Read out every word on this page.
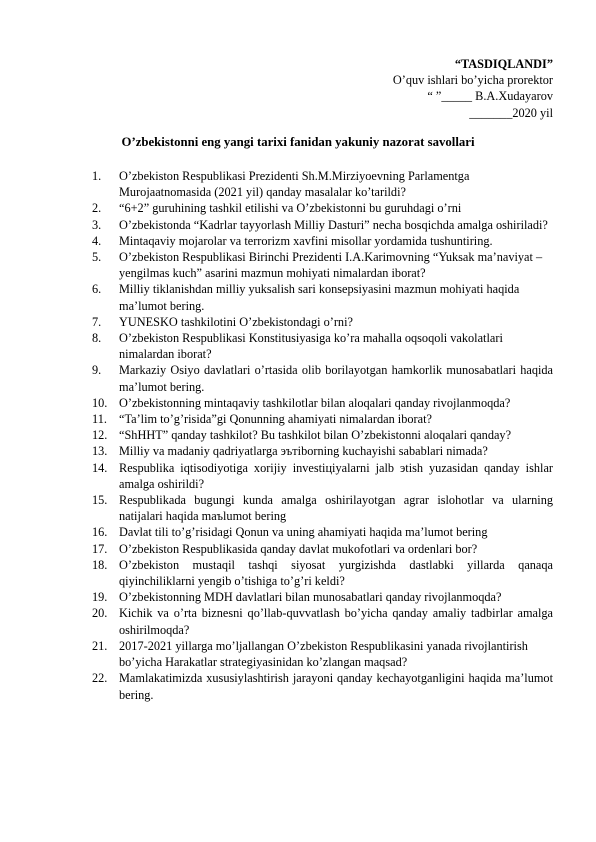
“TASDIQLANDI”
O’quv ishlari bo’yicha prorektor
“ ”_____ B.A.Xudayarov
_______2020 yil
O’zbekistonni eng yangi tarixi fanidan yakuniy nazorat savollari
1. O’zbekiston Respublikasi Prezidenti Sh.M.Mirziyoevning Parlamentga Murojaatnomasida (2021 yil) qanday masalalar ko’tarildi?
2. “6+2” guruhining tashkil etilishi va O’zbekistonni bu guruhdagi o’rni
3. O’zbekistonda “Kadrlar tayyorlash Milliy Dasturi” necha bosqichda amalga oshiriladi?
4. Mintaqaviy mojarolar va terrorizm xavfini misollar yordamida tushuntiring.
5. O’zbekiston Respublikasi Birinchi Prezidenti I.A.Karimovning “Yuksak ma’naviyat – yengilmas kuch” asarini mazmun mohiyati nimalardan iborat?
6. Milliy tiklanishdan milliy yuksalish sari konsepsiyasini mazmun mohiyati haqida ma’lumot bering.
7. YUNESKO tashkilotini O’zbekistondagi o’rni?
8. O’zbekiston Respublikasi Konstitusiyasiga ko’ra mahalla oqsoqoli vakolatlari nimalardan iborat?
9. Markaziy Osiyo davlatlari o’rtasida olib borilayotgan hamkorlik munosabatlari haqida ma’lumot bering.
10. O’zbekistonning mintaqaviy tashkilotlar bilan aloqalari qanday rivojlanmoqda?
11. “Ta’lim to’g’risida”gi Qonunning ahamiyati nimalardan iborat?
12. “ShHHT” qanday tashkilot? Bu tashkilot bilan O’zbekistonni aloqalari qanday?
13. Milliy va madaniy qadriyatlarga эътiborning kuchayishi sabablari nimada?
14. Respublika iqtisodiyotiga xorijiy investiцiyalarni jalb эtish yuzasidan qanday ishlar amalga oshirildi?
15. Respublikada bugungi kunda amalga oshirilayotgan agrar islohotlar va ularning natijalari haqida maъlumot bering
16. Davlat tili to’g’risidagi Qonun va uning ahamiyati haqida ma’lumot bering
17. O’zbekiston Respublikasida qanday davlat mukofotlari va ordenlari bor?
18. O’zbekiston mustaqil tashqi siyosat yurgizishda dastlabki yillarda qanaqa qiyinchiliklarni yengib o’tishiga to’g’ri keldi?
19. O’zbekistonning MDH davlatlari bilan munosabatlari qanday rivojlanmoqda?
20. Kichik va o’rta biznesni qo’llab-quvvatlash bo’yicha qanday amaliy tadbirlar amalga oshirilmoqda?
21. 2017-2021 yillarga mo’ljallangan O’zbekiston Respublikasini yanada rivojlantirish bo’yicha Harakatlar strategiyasinidan ko’zlangan maqsad?
22. Mamlakatimizda xususiylashtirish jarayoni qanday kechayotganligini haqida ma’lumot bering.
